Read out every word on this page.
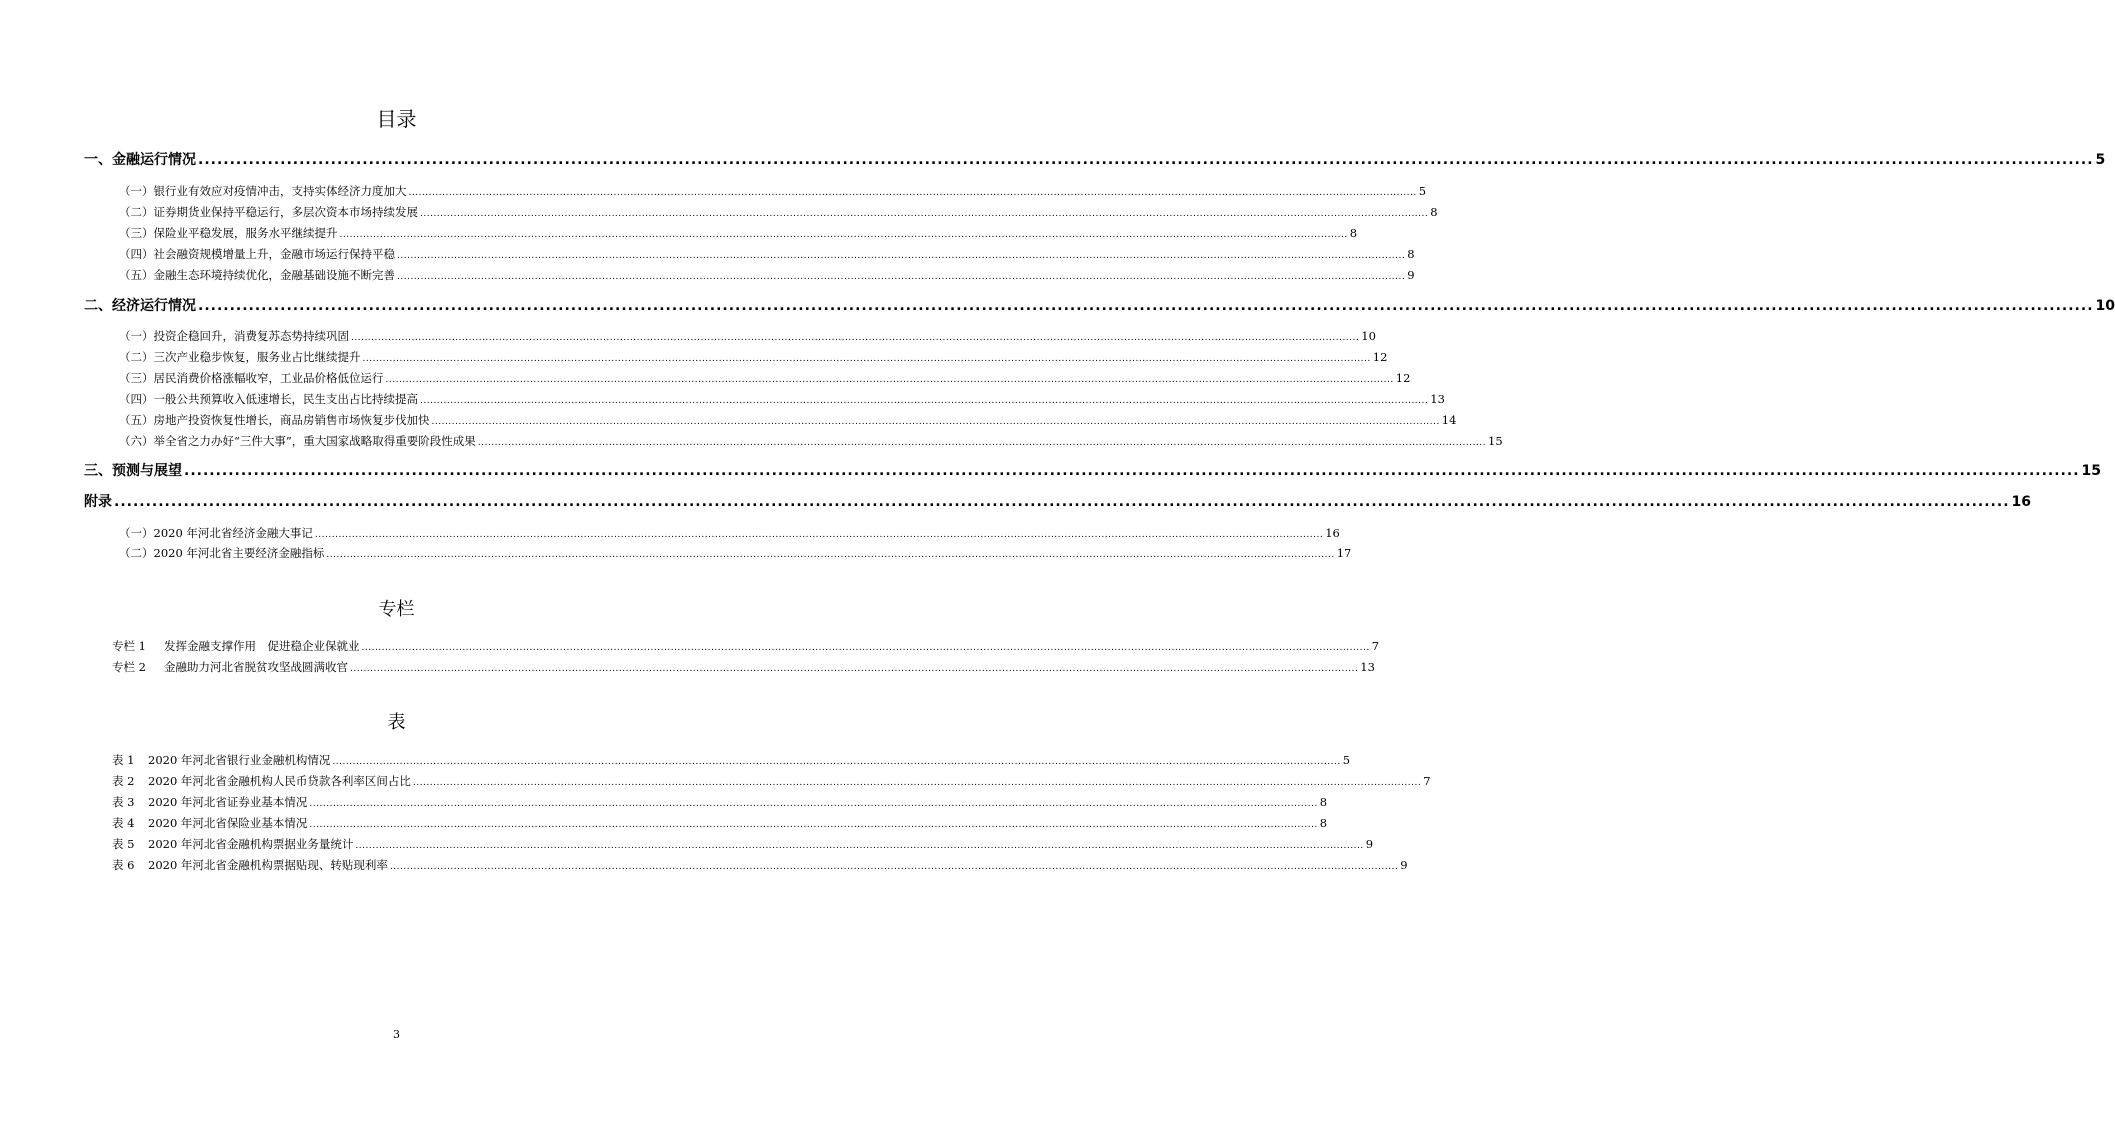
目录
一、金融运行情况 ............................................................................................................................................................................................................................................................................................................ 5
（一）银行业有效应对疫情冲击，支持实体经济力度加大 ............................................................................................................................................................................................................................................................................................................ 5
（二）证券期货业保持平稳运行，多层次资本市场持续发展 ............................................................................................................................................................................................................................................................................................................ 8
（三）保险业平稳发展，服务水平继续提升 ............................................................................................................................................................................................................................................................................................................ 8
（四）社会融资规模增量上升，金融市场运行保持平稳 ............................................................................................................................................................................................................................................................................................................ 8
（五）金融生态环境持续优化，金融基础设施不断完善 ............................................................................................................................................................................................................................................................................................................ 9
二、经济运行情况 ............................................................................................................................................................................................................................................................................................................ 10
（一）投资企稳回升，消费复苏态势持续巩固 ............................................................................................................................................................................................................................................................................................................ 10
（二）三次产业稳步恢复，服务业占比继续提升 ............................................................................................................................................................................................................................................................................................................ 12
（三）居民消费价格涨幅收窄，工业品价格低位运行 ............................................................................................................................................................................................................................................................................................................ 12
（四）一般公共预算收入低速增长，民生支出占比持续提高 ............................................................................................................................................................................................................................................................................................................ 13
（五）房地产投资恢复性增长，商品房销售市场恢复步伐加快 ............................................................................................................................................................................................................................................................................................................ 14
（六）举全省之力办好“三件大事”，重大国家战略取得重要阶段性成果 ............................................................................................................................................................................................................................................................................................................ 15
三、预测与展望 ............................................................................................................................................................................................................................................................................................................ 15
附录 ............................................................................................................................................................................................................................................................................................................ 16
（一）2020 年河北省经济金融大事记 ............................................................................................................................................................................................................................................................................................................ 16
（二）2020 年河北省主要经济金融指标 ............................................................................................................................................................................................................................................................................................................ 17
专栏
专栏 1	发挥金融支撑作用　促进稳企业保就业 ............................................................................................................................................................................................................................................................................................................ 7
专栏 2	金融助力河北省脱贫攻坚战圆满收官 ............................................................................................................................................................................................................................................................................................................ 13
表
表 1	2020 年河北省银行业金融机构情况 ............................................................................................................................................................................................................................................................................................................ 5
表 2	2020 年河北省金融机构人民币贷款各利率区间占比 ............................................................................................................................................................................................................................................................................................................ 7
表 3	2020 年河北省证券业基本情况 ............................................................................................................................................................................................................................................................................................................ 8
表 4	2020 年河北省保险业基本情况 ............................................................................................................................................................................................................................................................................................................ 8
表 5	2020 年河北省金融机构票据业务量统计 ............................................................................................................................................................................................................................................................................................................ 9
表 6	2020 年河北省金融机构票据贴现、转贴现利率 ............................................................................................................................................................................................................................................................................................................ 9
3
